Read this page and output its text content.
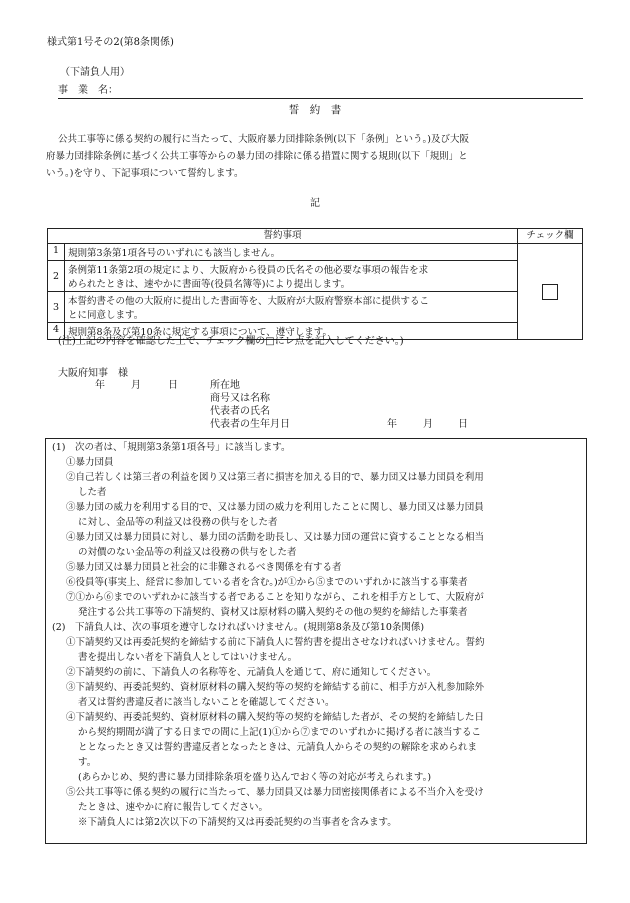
様式第1号その2(第8条関係)
（下請負人用）
事　業　名：
誓　約　書
公共工事等に係る契約の履行に当たって、大阪府暴力団排除条例(以下「条例」という。)及び大阪
府暴力団排除条例に基づく公共工事等からの暴力団の排除に係る措置に関する規則(以下「規則」と
いう。)を守り、下記事項について誓約します。
記
誓約事項		チェック欄
1	規則第3条第1項各号のいずれにも該当しません。	

2	条例第11条第2項の規定により、大阪府から役員の氏名その他必要な事項の報告を求
められたときは、速やかに書面等(役員名簿等)により提出します。	

3	本誓約書その他の大阪府に提出した書面等を、大阪府が大阪府警察本部に提供するこ
とに同意します。	

4	規則第8条及び第10条に規定する事項について、遵守します。	
(注)上記の内容を確認した上で、チェック欄の□にレ点を記入してください。)
大阪府知事　様
年	月	日	所在地
商号又は名称
代表者の氏名
代表者の生年月日	年	月	日
(1)　次の者は、「規則第3条第1項各号」に該当します。
①暴力団員
②自己若しくは第三者の利益を図り又は第三者に損害を加える目的で、暴力団又は暴力団員を利用
した者
③暴力団の威力を利用する目的で、又は暴力団の威力を利用したことに関し、暴力団又は暴力団員
に対し、金品等の利益又は役務の供与をした者
④暴力団又は暴力団員に対し、暴力団の活動を助長し、又は暴力団の運営に資することとなる相当
の対價のない金品等の利益又は役務の供与をした者
⑤暴力団又は暴力団員と社会的に非難されるべき関係を有する者
⑥役員等(事実上、経営に参加している者を含む。)が①から⑤までのいずれかに該当する事業者
⑦①から⑥までのいずれかに該当する者であることを知りながら、これを相手方として、大阪府が
発注する公共工事等の下請契約、資材又は原材料の購入契約その他の契約を締結した事業者
(2)　下請負人は、次の事項を遵守しなければいけません。(規則第8条及び第10条関係)
①下請契約又は再委託契約を締結する前に下請負人に誓約書を提出させなければいけません。誓約
書を提出しない者を下請負人としてはいけません。
②下請契約の前に、下請負人の名称等を、元請負人を通じて、府に通知してください。
③下請契約、再委託契約、資材原材料の購入契約等の契約を締結する前に、相手方が入札参加除外
者又は誓約書違反者に該当しないことを確認してください。
④下請契約、再委託契約、資材原材料の購入契約等の契約を締結した者が、その契約を締結した日
から契約期間が満了する日までの間に上記(1)①から⑦までのいずれかに掲げる者に該当するこ
ととなったとき又は誓約書違反者となったときは、元請負人からその契約の解除を求められま
す。
(あらかじめ、契約書に暴力団排除条項を盛り込んでおく等の対応が考えられます。)
⑤公共工事等に係る契約の履行に当たって、暴力団員又は暴力団密接関係者による不当介入を受け
たときは、速やかに府に報告してください。
※下請負人には第2次以下の下請契約又は再委託契約の当事者を含みます。
